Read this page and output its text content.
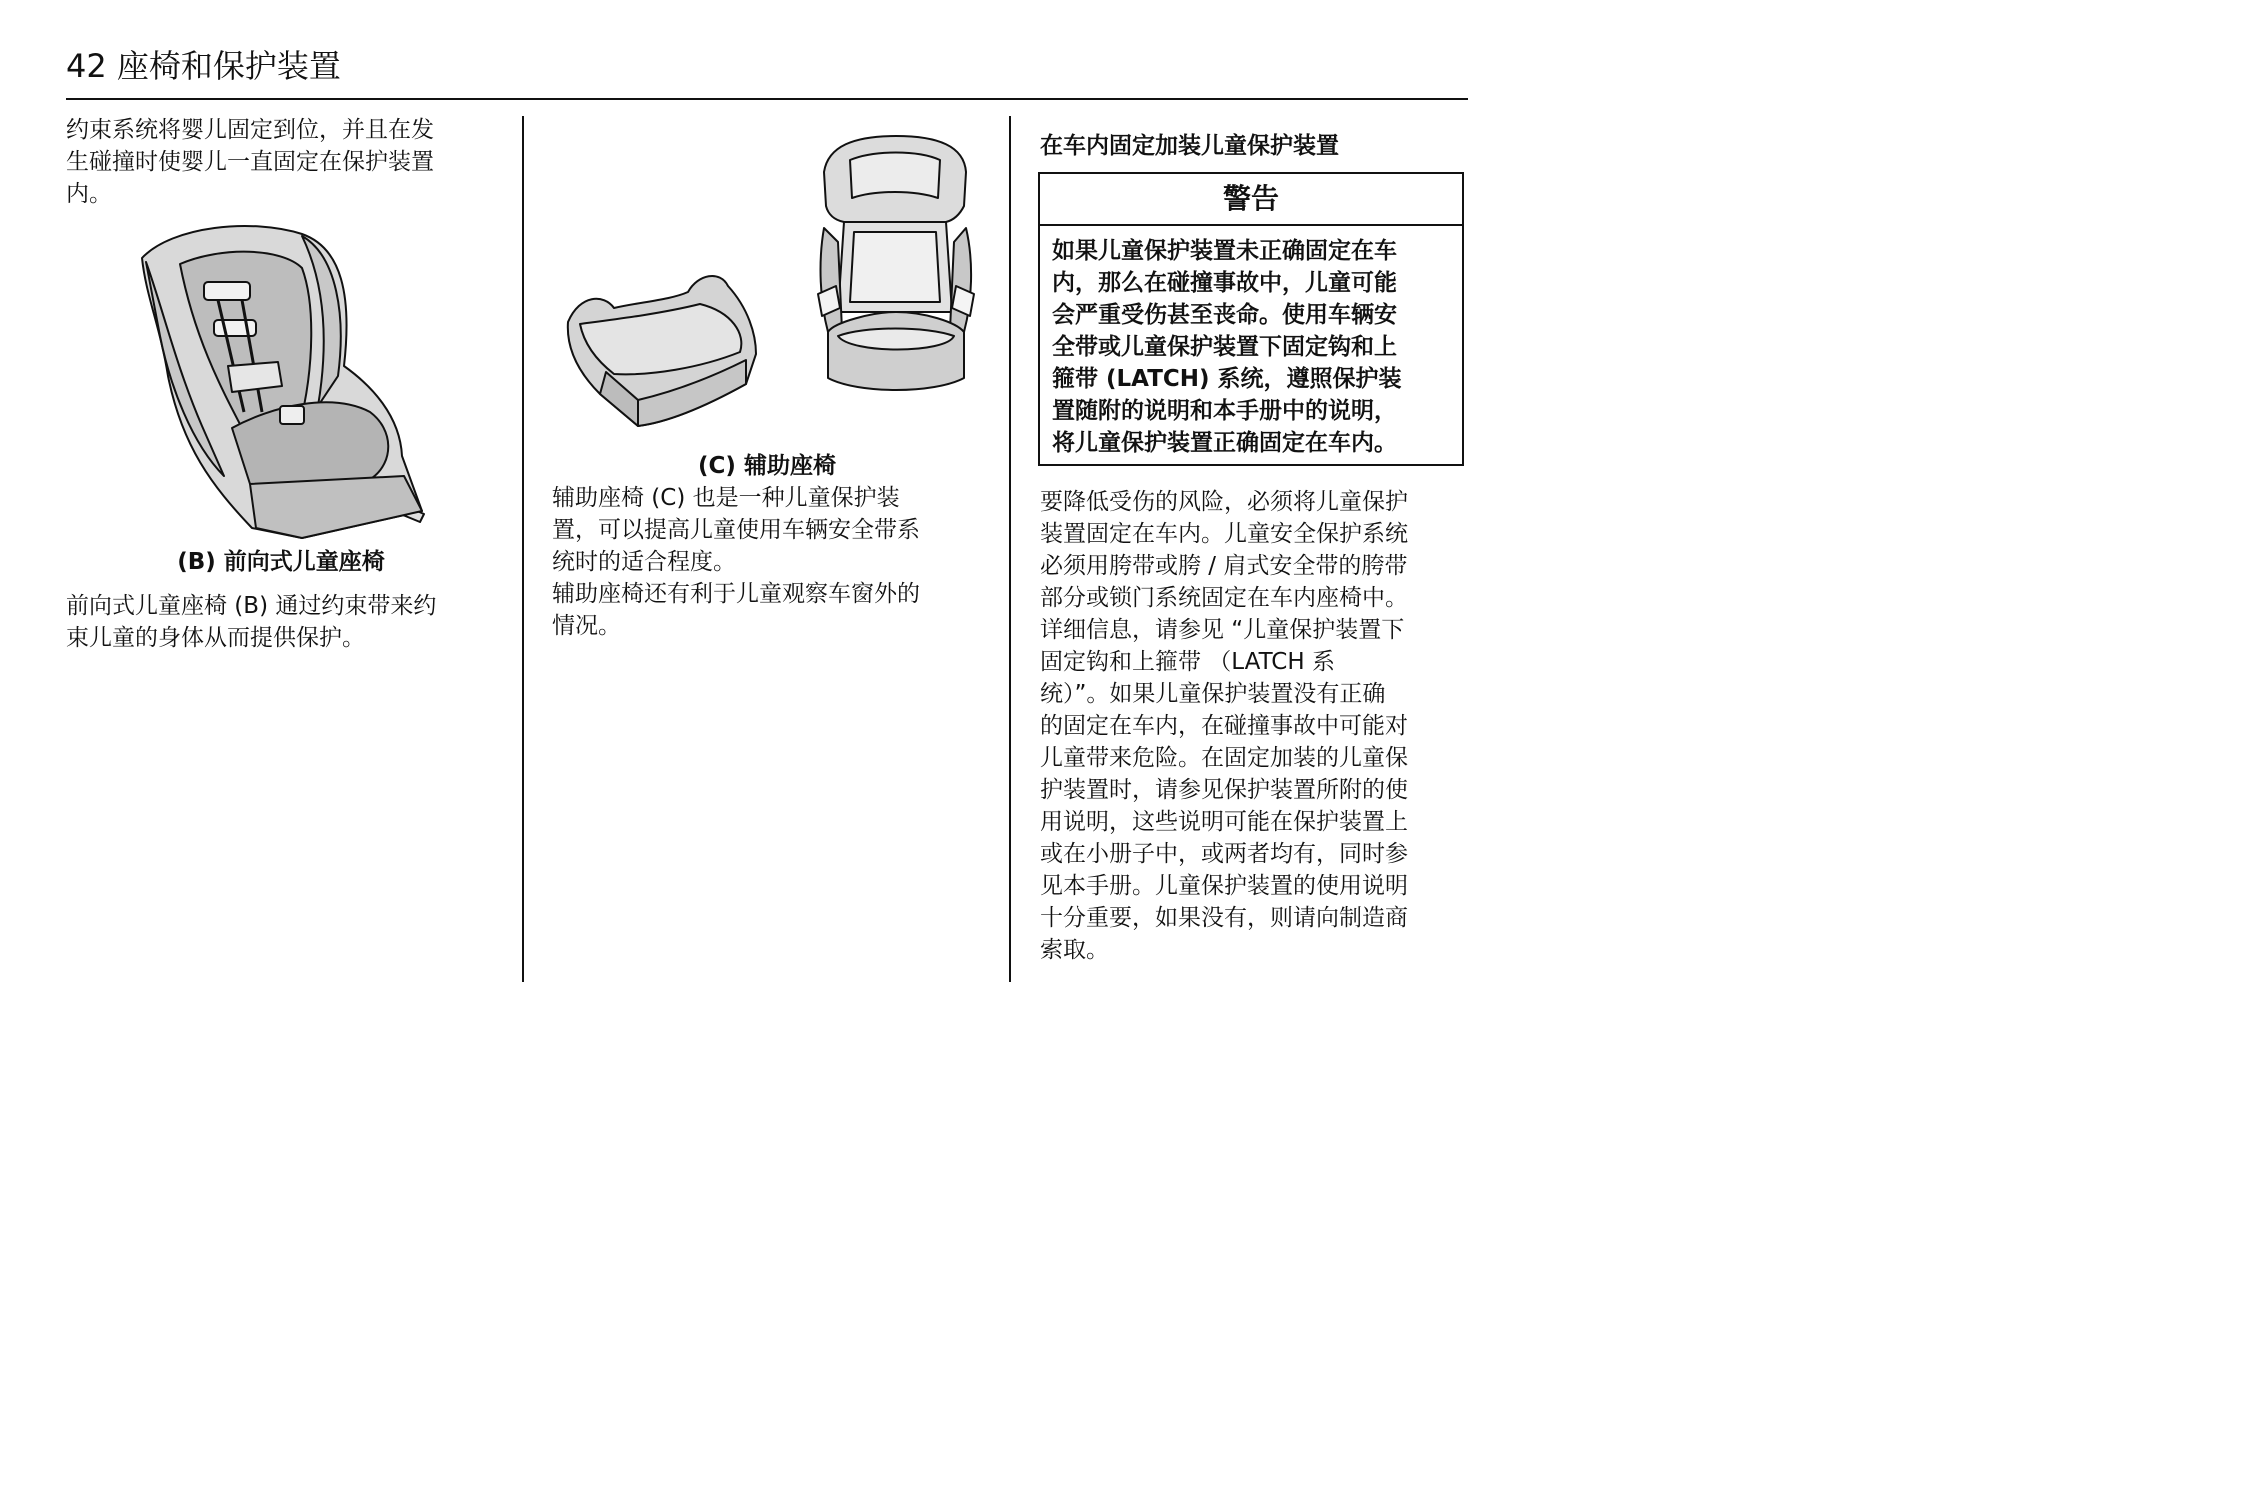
42 座椅和保护装置
约束系统将婴儿固定到位，并且在发
生碰撞时使婴儿一直固定在保护装置
内。
(B) 前向式儿童座椅
前向式儿童座椅 (B) 通过约束带来约
束儿童的身体从而提供保护。
(C) 辅助座椅
辅助座椅 (C) 也是一种儿童保护装
置，可以提高儿童使用车辆安全带系
统时的适合程度。
辅助座椅还有利于儿童观察车窗外的
情况。
在车内固定加装儿童保护装置
警告
如果儿童保护装置未正确固定在车
内，那么在碰撞事故中，儿童可能
会严重受伤甚至丧命。使用车辆安
全带或儿童保护装置下固定钩和上
箍带 (LATCH) 系统，遵照保护装
置随附的说明和本手册中的说明，
将儿童保护装置正确固定在车内。
要降低受伤的风险，必须将儿童保护
装置固定在车内。儿童安全保护系统
必须用胯带或胯 / 肩式安全带的胯带
部分或锁门系统固定在车内座椅中。
详细信息，请参见 “儿童保护装置下
固定钩和上箍带 （LATCH 系
统）”。如果儿童保护装置没有正确
的固定在车内，在碰撞事故中可能对
儿童带来危险。在固定加装的儿童保
护装置时，请参见保护装置所附的使
用说明，这些说明可能在保护装置上
或在小册子中，或两者均有，同时参
见本手册。儿童保护装置的使用说明
十分重要，如果没有，则请向制造商
索取。
